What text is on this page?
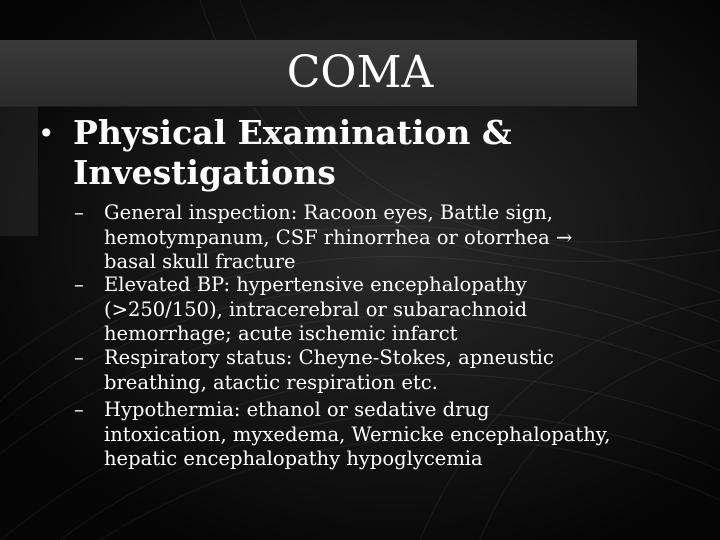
COMA
• Physical Examination & Investigations
– General inspection: Racoon eyes, Battle sign,
hemotympanum, CSF rhinorrhea or otorrhea →
basal skull fracture
– Elevated BP: hypertensive encephalopathy
(>250/150), intracerebral or subarachnoid
hemorrhage; acute ischemic infarct
– Respiratory status: Cheyne-Stokes, apneustic
breathing, atactic respiration etc.
– Hypothermia: ethanol or sedative drug
intoxication, myxedema, Wernicke encephalopathy,
hepatic encephalopathy hypoglycemia
